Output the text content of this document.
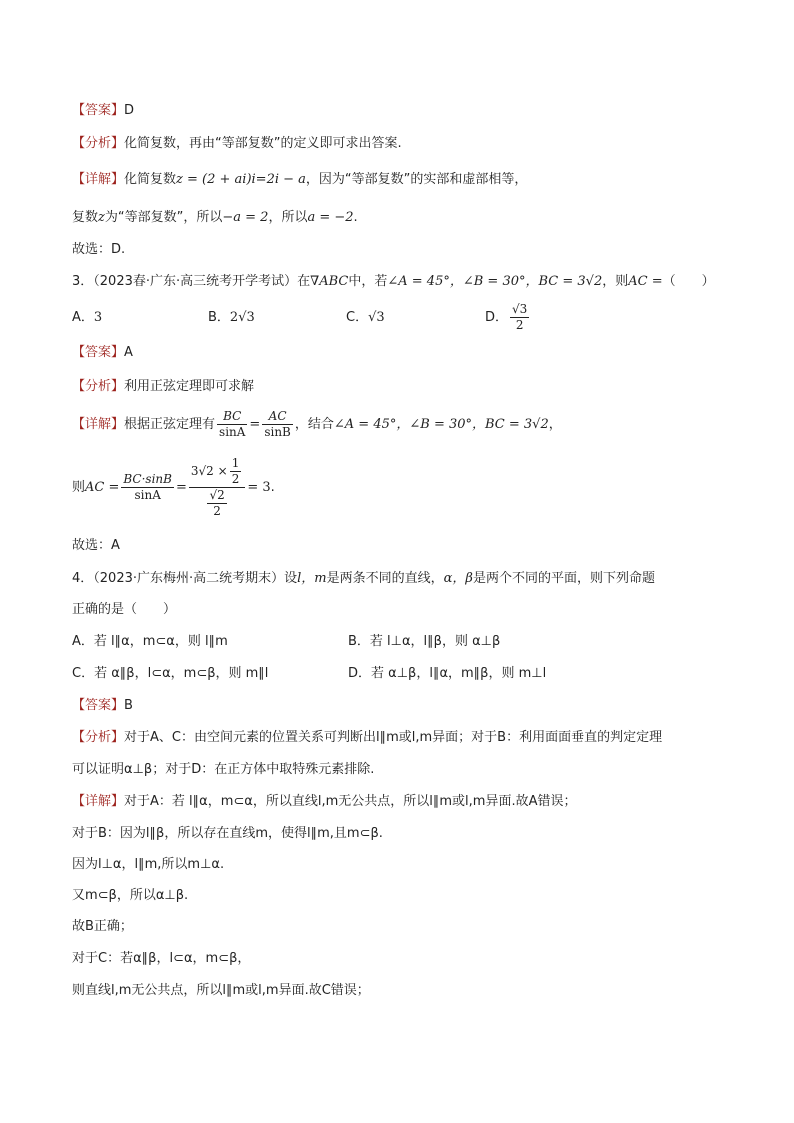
【答案】D
【分析】化简复数，再由“等部复数”的定义即可求出答案.
【详解】化简复数z = (2 + ai)i=2i − a，因为“等部复数”的实部和虚部相等，
复数z为“等部复数”，所以−a = 2，所以a = −2.
故选：D.
3．（2023春·广东·高三统考开学考试）在∇ABC中，若∠A = 45°，∠B = 30°，BC = 3√2，则AC =（　　）
A．3	B．2√3	C．√3	D． $\frac{√3}{2}$
【答案】A
【分析】利用正弦定理即可求解
【详解】根据正弦定理有 $\frac{BC}{\sin A} = \frac{AC}{\sin B}$ ，结合∠A = 45°，∠B = 30°，BC = 3√2，
则AC = $\frac{BC\cdot\sin B}{\sin A} = \frac{3√2 \times \frac{1}{2}}{\frac{√2}{2}} = 3$.
故选：A
4．（2023·广东梅州·高二统考期末）设l，m是两条不同的直线，α，β是两个不同的平面，则下列命题
正确的是（　　）
A．若 l∥α，m⊂α，则 l∥m	B．若 l⊥α，l∥β，则 α⊥β
C．若 α∥β，l⊂α，m⊂β，则 m∥l	D．若 α⊥β，l∥α，m∥β，则 m⊥l
【答案】B
【分析】对于A、C：由空间元素的位置关系可判断出l∥m或l,m异面；对于B：利用面面垂直的判定定理
可以证明α⊥β；对于D：在正方体中取特殊元素排除.
【详解】对于A：若 l∥α，m⊂α，所以直线l,m无公共点，所以l∥m或l,m异面.故A错误；
对于B：因为l∥β，所以存在直线m，使得l∥m,且m⊂β.
因为l⊥α，l∥m,所以m⊥α.
又m⊂β，所以α⊥β.
故B正确；
对于C：若α∥β，l⊂α，m⊂β，
则直线l,m无公共点，所以l∥m或l,m异面.故C错误；
